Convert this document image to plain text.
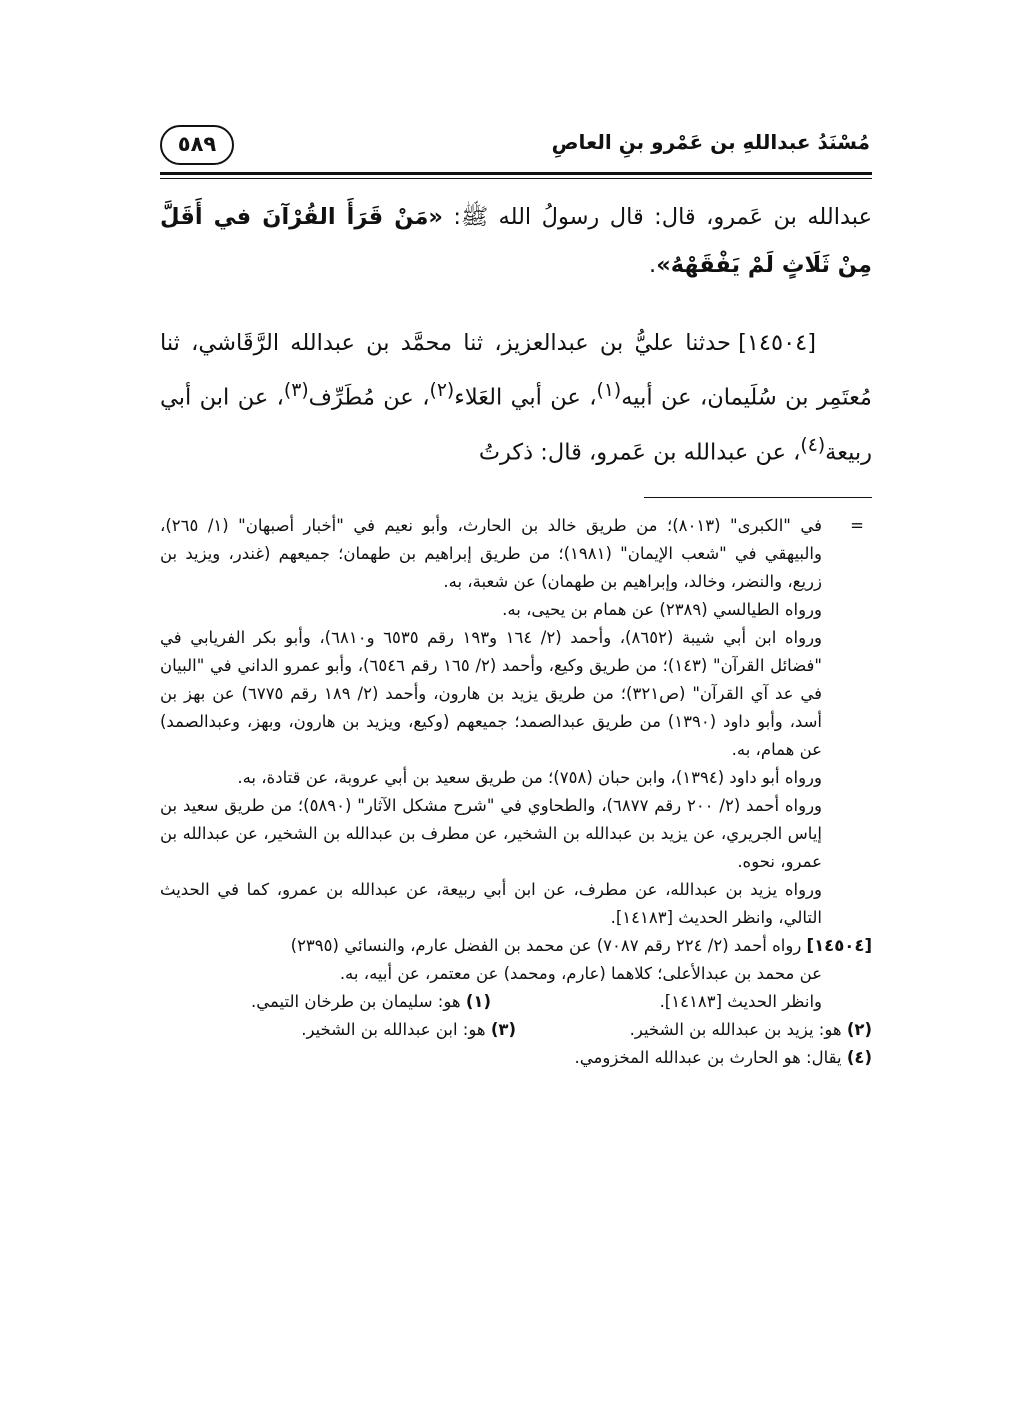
مُسْنَدُ عبداللهِ بن عَمْرو بنِ العاصِ
٥٨٩

عبدالله بن عَمرو، قال: قال رسولُ الله ﷺ: «مَنْ قَرَأَ القُرْآنَ في أَقَلَّ مِنْ ثَلَاثٍ لَمْ يَفْقَهْهُ».

[١٤٥٠٤] حدثنا عليُّ بن عبدالعزيز، ثنا محمَّد بن عبدالله الرَّقَاشي، ثنا مُعتَمِر بن سُلَيمان، عن أبيه$^{(١)}$، عن أبي العَلاء$^{(٢)}$، عن مُطَرِّف$^{(٣)}$، عن ابن أبي ربيعة$^{(٤)}$، عن عبدالله بن عَمرو، قال: ذكرتُ

=

في "الكبرى" (٨٠١٣)؛ من طريق خالد بن الحارث، وأبو نعيم في "أخبار أصبهان" (١/ ٢٦٥)، والبيهقي في "شعب الإيمان" (١٩٨١)؛ من طريق إبراهيم بن طهمان؛ جميعهم (غندر، ويزيد بن زريع، والنضر، وخالد، وإبراهيم بن طهمان) عن شعبة، به.

ورواه الطيالسي (٢٣٨٩) عن همام بن يحيى، به.

ورواه ابن أبي شيبة (٨٦٥٢)، وأحمد (٢/ ١٦٤ و١٩٣ رقم ٦٥٣٥ و٦٨١٠)، وأبو بكر الفريابي في "فضائل القرآن" (١٤٣)؛ من طريق وكيع، وأحمد (٢/ ١٦٥ رقم ٦٥٤٦)، وأبو عمرو الداني في "البيان في عد آي القرآن" (ص٣٢١)؛ من طريق يزيد بن هارون، وأحمد (٢/ ١٨٩ رقم ٦٧٧٥) عن بهز بن أسد، وأبو داود (١٣٩٠) من طريق عبدالصمد؛ جميعهم (وكيع، ويزيد بن هارون، وبهز، وعبدالصمد) عن همام، به.

ورواه أبو داود (١٣٩٤)، وابن حبان (٧٥٨)؛ من طريق سعيد بن أبي عروبة، عن قتادة، به.

ورواه أحمد (٢/ ٢٠٠ رقم ٦٨٧٧)، والطحاوي في "شرح مشكل الآثار" (٥٨٩٠)؛ من طريق سعيد بن إياس الجريري، عن يزيد بن عبدالله بن الشخير، عن مطرف بن عبدالله بن الشخير، عن عبدالله بن عمرو، نحوه.

ورواه يزيد بن عبدالله، عن مطرف، عن ابن أبي ربيعة، عن عبدالله بن عمرو، كما في الحديث التالي، وانظر الحديث [١٤١٨٣].

[١٤٥٠٤] رواه أحمد (٢/ ٢٢٤ رقم ٧٠٨٧) عن محمد بن الفضل عارم، والنسائي (٢٣٩٥)

عن محمد بن عبدالأعلى؛ كلاهما (عارم، ومحمد) عن معتمر، عن أبيه، به.

وانظر الحديث [١٤١٨٣].
(١) هو: سليمان بن طرخان التيمي.
(٢) هو: يزيد بن عبدالله بن الشخير.
(٣) هو: ابن عبدالله بن الشخير.
(٤) يقال: هو الحارث بن عبدالله المخزومي.
